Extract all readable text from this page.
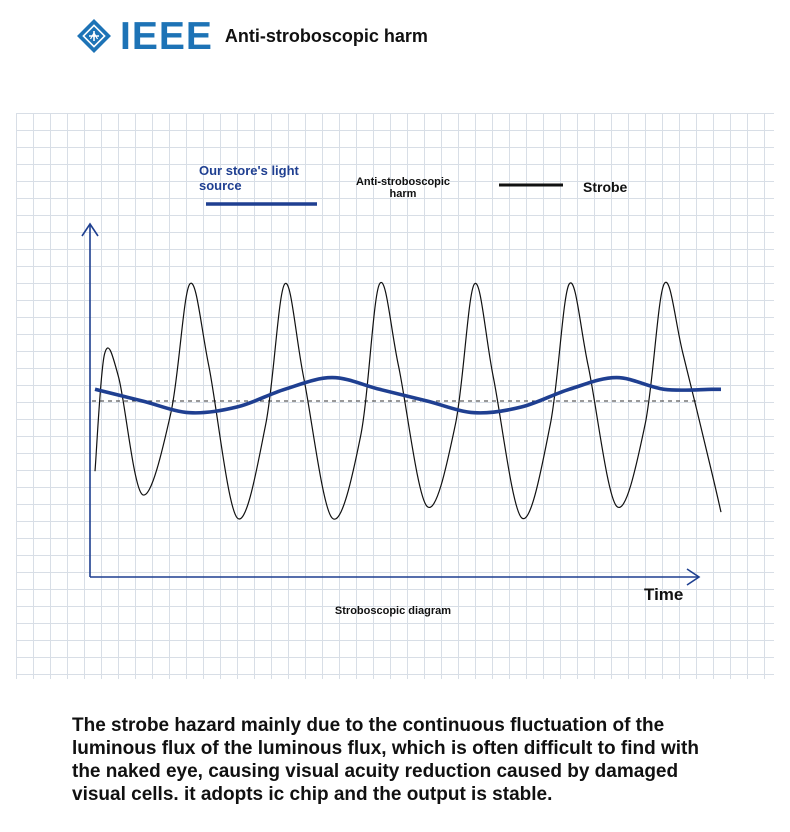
IEEE Anti-stroboscopic harm
Our store's light
source	Anti-stroboscopic
harm	Strobe
Time
Stroboscopic diagram
The strobe hazard mainly due to the continuous fluctuation of the luminous flux of the luminous flux, which is often difficult to find with the naked eye, causing visual acuity reduction caused by damaged visual cells. it adopts ic chip and the output is stable.
